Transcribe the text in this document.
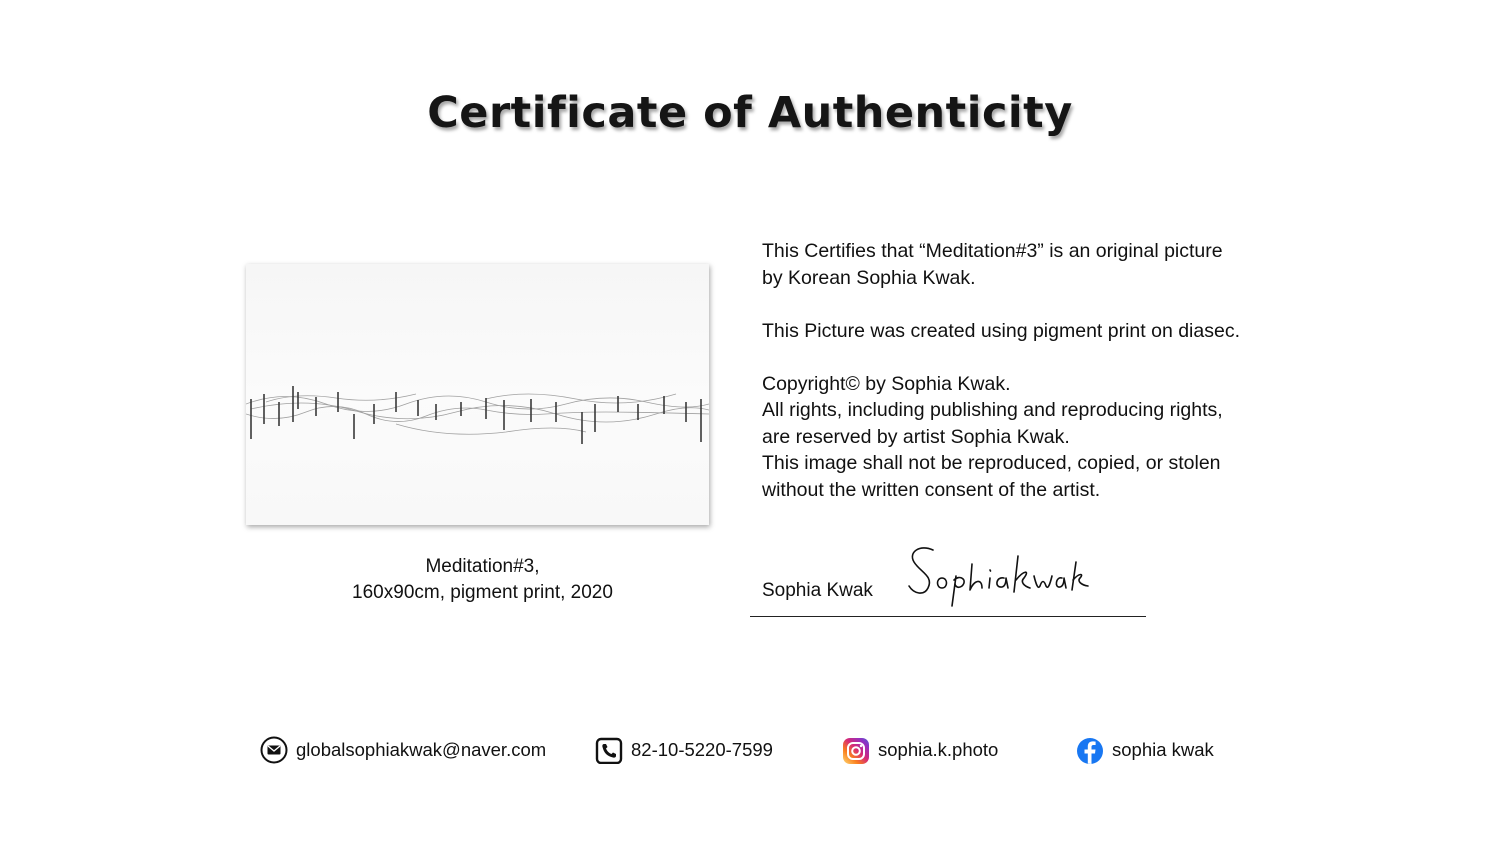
Certificate of Authenticity
Meditation#3,
160x90cm, pigment print, 2020

This Certifies that “Meditation#3” is an original picture

by Korean Sophia Kwak.

This Picture was created using pigment print on diasec.

Copyright© by Sophia Kwak.

All rights, including publishing and reproducing rights,

are reserved by artist Sophia Kwak.

This image shall not be reproduced, copied, or stolen

without the written consent of the artist.

Sophia Kwak
globalsophiakwak@naver.com	82-10-5220-7599	sophia.k.photo	sophia kwak
